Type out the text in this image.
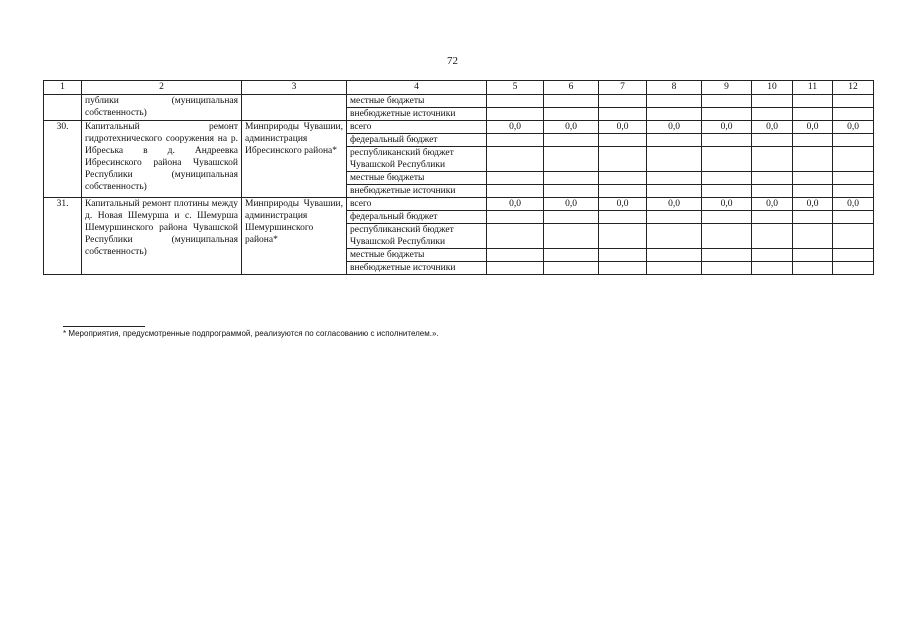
72
1	2	3	4	5	6	7	8	9	10	11	12
	публики (муниципальная собственность)		местные бюджеты								
			внебюджетные источники								
30.	Капитальный ремонт гидротехнического сооружения на р. Ибреська в д. Андреевка Ибресинского района Чувашской Республики (муниципальная собственность)	Минприроды Чувашии, администрация Ибресинского района*	всего	0,0	0,0	0,0	0,0	0,0	0,0	0,0	0,0
			федеральный бюджет								
			республиканский бюджет Чувашской Республики								
			местные бюджеты								
			внебюджетные источники								
31.	Капитальный ремонт плотины между д. Новая Шемурша и с. Шемурша Шемуршинского района Чувашской Республики (муниципальная собственность)	Минприроды Чувашии, администрация Шемуршинского района*	всего	0,0	0,0	0,0	0,0	0,0	0,0	0,0	0,0
			федеральный бюджет								
			республиканский бюджет Чувашской Республики								
			местные бюджеты								
			внебюджетные источники								
* Мероприятия, предусмотренные подпрограммой, реализуются по согласованию с исполнителем.».
